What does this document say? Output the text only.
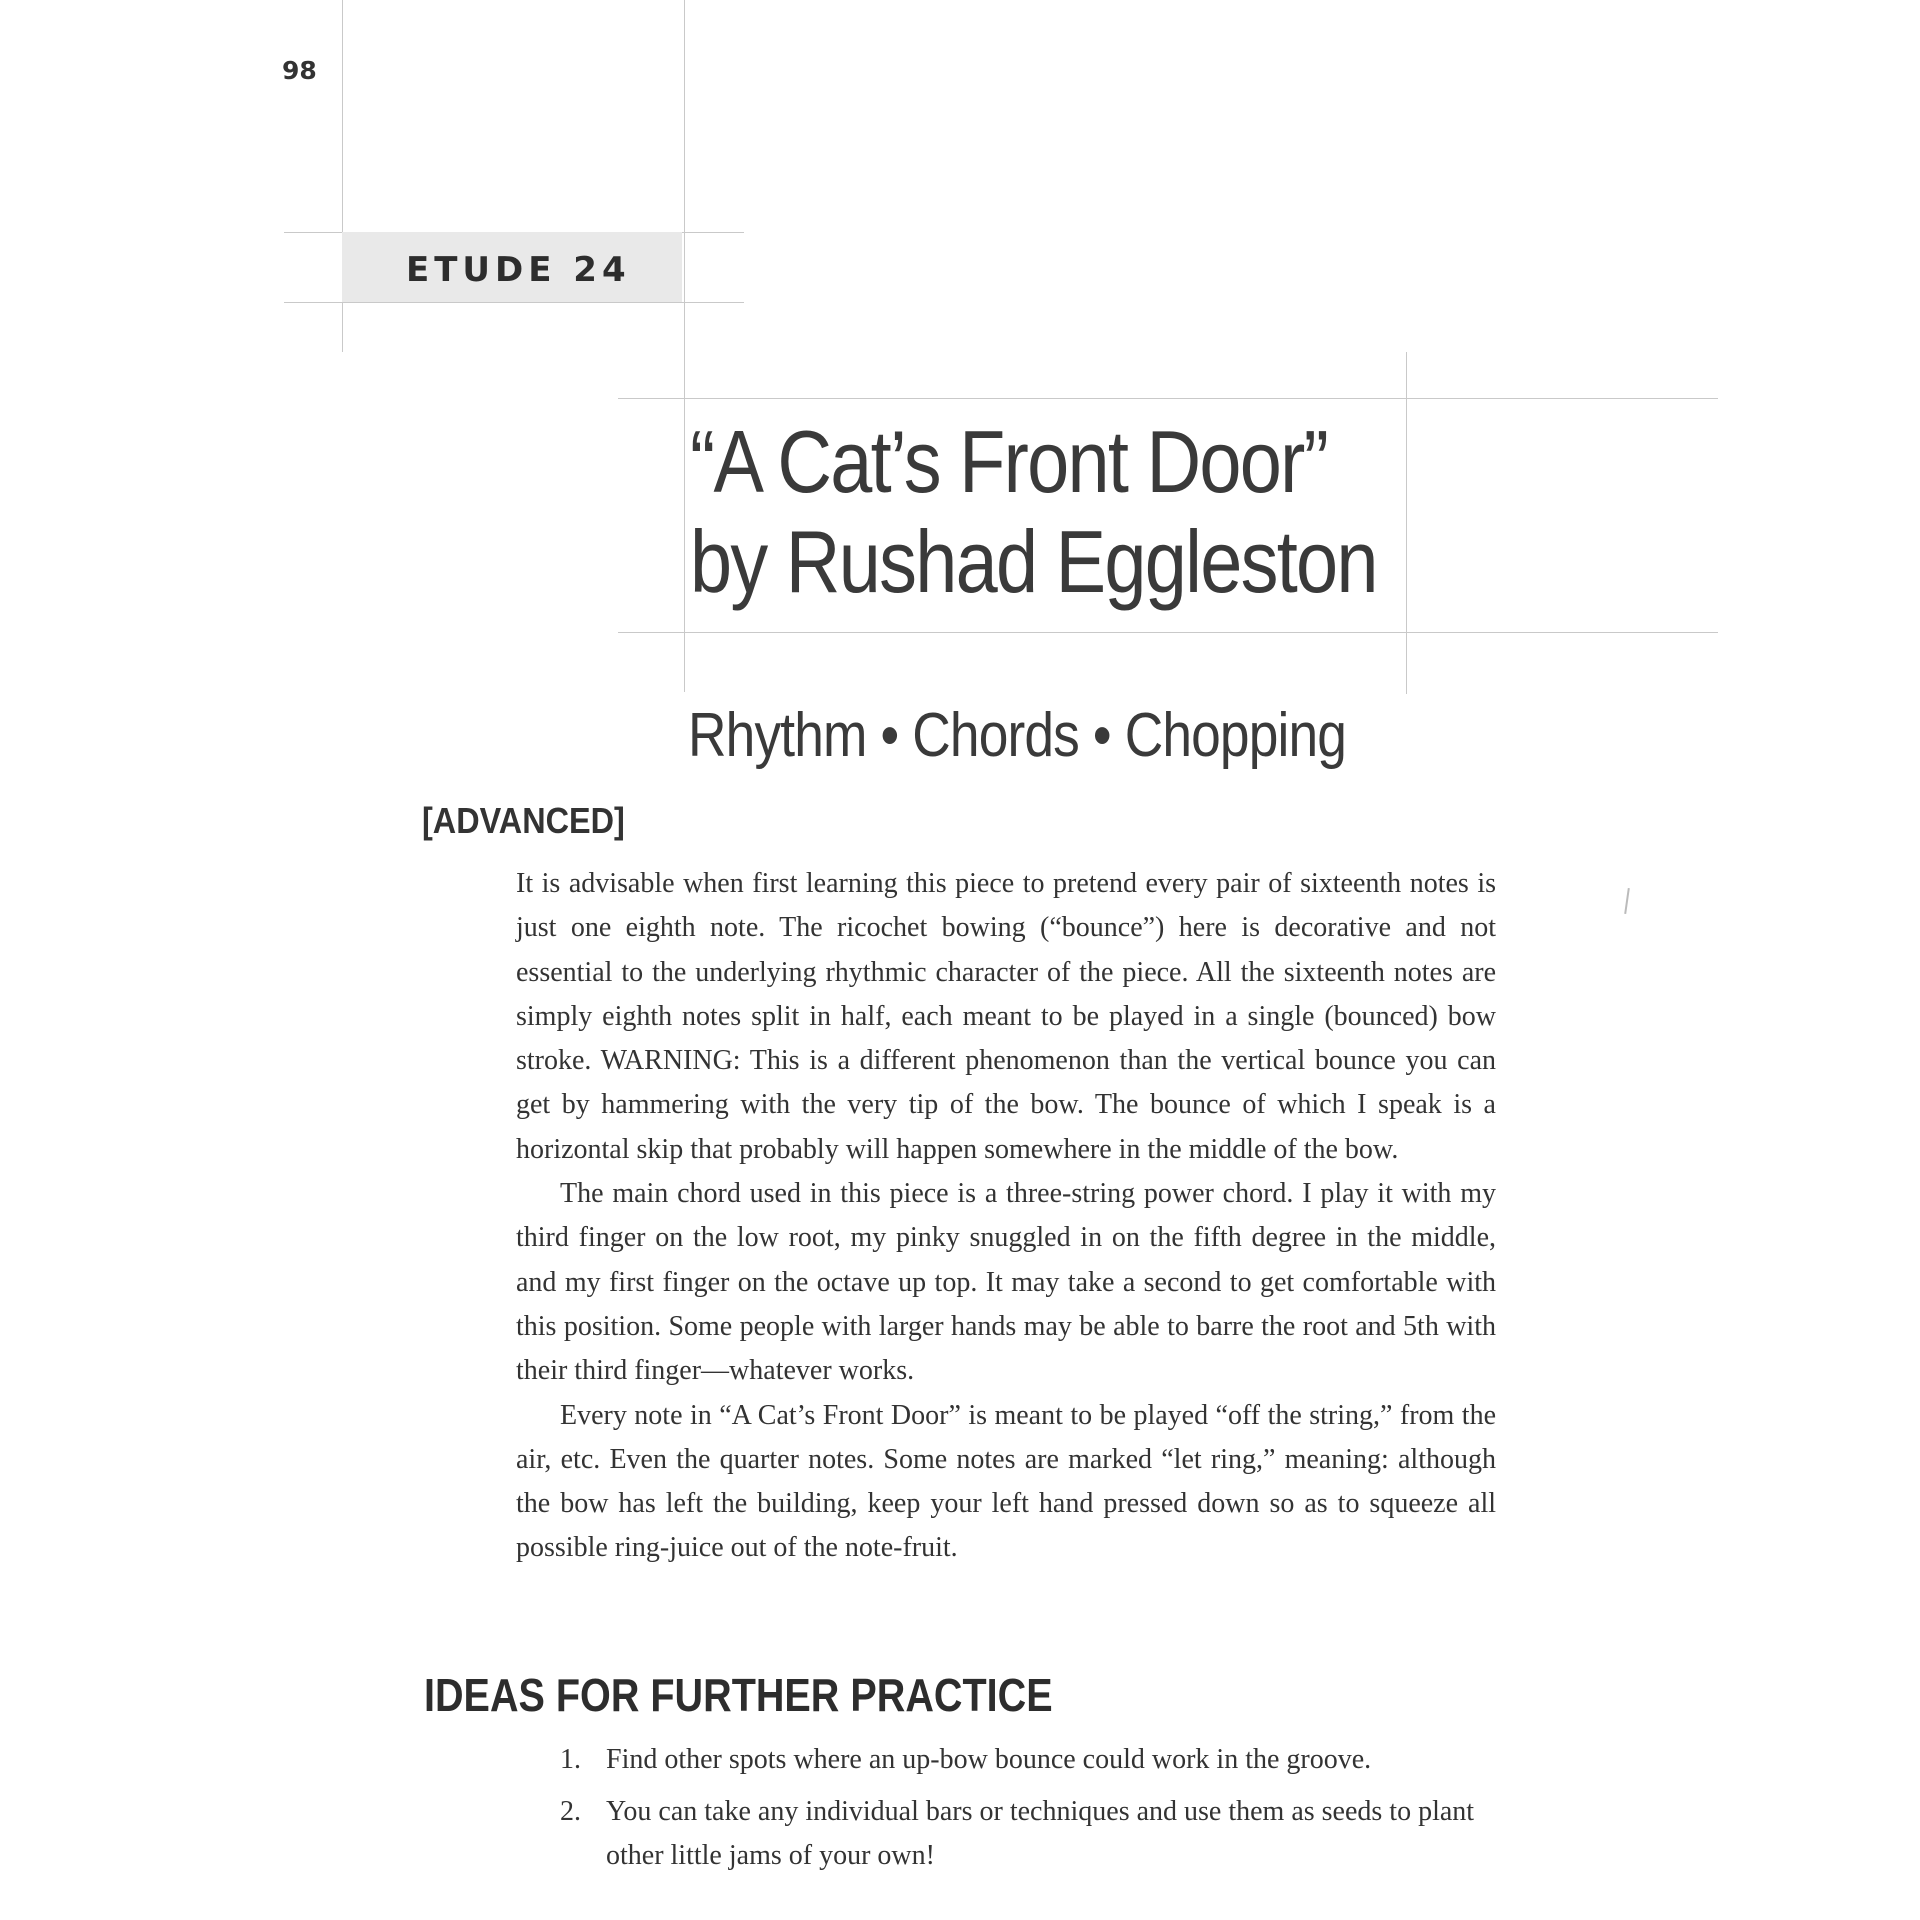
98
ETUDE 24
“A Cat’s Front Door”
by Rushad Eggleston
Rhythm • Chords • Chopping
[ADVANCED]

It is advisable when first learning this piece to pretend every pair of sixteenth notes is just one eighth note. The ricochet bowing (“bounce”) here is decorative and not essential to the underlying rhythmic character of the piece. All the sixteenth notes are simply eighth notes split in half, each meant to be played in a single (bounced) bow stroke. WARNING: This is a different phenomenon than the vertical bounce you can get by hammering with the very tip of the bow. The bounce of which I speak is a horizontal skip that probably will happen somewhere in the middle of the bow.

The main chord used in this piece is a three-string power chord. I play it with my third finger on the low root, my pinky snuggled in on the fifth degree in the middle, and my first finger on the octave up top. It may take a second to get comfortable with this position. Some people with larger hands may be able to barre the root and 5th with their third finger—whatever works.

Every note in “A Cat’s Front Door” is meant to be played “off the string,” from the air, etc. Even the quarter notes. Some notes are marked “let ring,” meaning: although the bow has left the building, keep your left hand pressed down so as to squeeze all possible ring-juice out of the note-fruit.

IDEAS FOR FURTHER PRACTICE
1. Find other spots where an up-bow bounce could work in the groove.
2. You can take any individual bars or techniques and use them as seeds to plant other little jams of your own!
